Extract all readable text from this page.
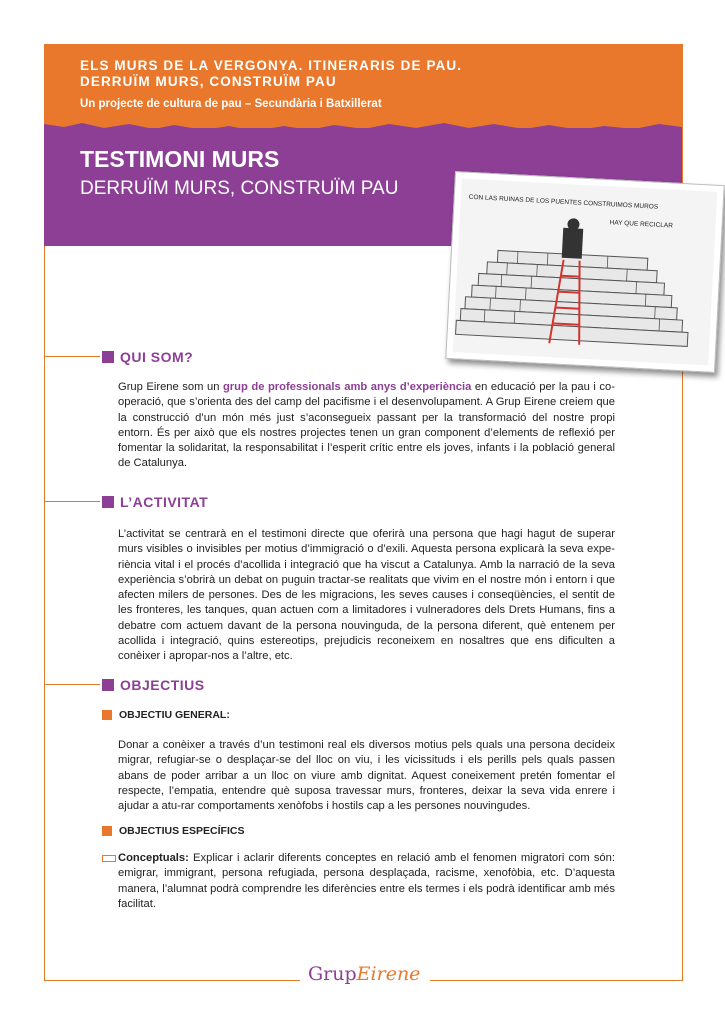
ELS MURS DE LA VERGONYA. ITINERARIS DE PAU.
DERRUÏM MURS, CONSTRUÏM PAU
Un projecte de cultura de pau – Secundària i Batxillerat
TESTIMONI MURS
DERRUÏM MURS, CONSTRUÏM PAU
CON LAS RUINAS DE LOS PUENTES CONSTRUIMOS MUROS
HAY QUE RECICLAR
QUI SOM?
Grup Eirene som un grup de professionals amb anys d’experiència en educació per la pau i co-operació, que s’orienta des del camp del pacifisme i el desenvolupament. A Grup Eirene creiem que la construcció d’un món més just s’aconsegueix passant per la transformació del nostre propi entorn. És per això que els nostres projectes tenen un gran component d’elements de reflexió per fomentar la solidaritat, la responsabilitat i l’esperit crític entre els joves, infants i la població general de Catalunya.
L’ACTIVITAT
L’activitat se centrarà en el testimoni directe que oferirà una persona que hagi hagut de superar murs visibles o invisibles per motius d’immigració o d’exili. Aquesta persona explicarà la seva expe-riència vital i el procés d’acollida i integració que ha viscut a Catalunya. Amb la narració de la seva experiència s’obrirà un debat on puguin tractar-se realitats que vivim en el nostre món i entorn i que afecten milers de persones. Des de les migracions, les seves causes i conseqüències, el sentit de les fronteres, les tanques, quan actuen com a limitadores i vulneradores dels Drets Humans, fins a debatre com actuem davant de la persona nouvinguda, de la persona diferent, què entenem per acollida i integració, quins estereotips, prejudicis reconeixem en nosaltres que ens dificulten a conèixer i apropar-nos a l’altre, etc.
OBJECTIUS
OBJECTIU GENERAL:
Donar a conèixer a través d’un testimoni real els diversos motius pels quals una persona decideix migrar, refugiar-se o desplaçar-se del lloc on viu, i les vicissituds i els perills pels quals passen abans de poder arribar a un lloc on viure amb dignitat. Aquest coneixement pretén fomentar el respecte, l’empatia, entendre què suposa travessar murs, fronteres, deixar la seva vida enrere i ajudar a atu-rar comportaments xenòfobs i hostils cap a les persones nouvingudes.
OBJECTIUS ESPECÍFICS
Conceptuals: Explicar i aclarir diferents conceptes en relació amb el fenomen migratori com són: emigrar, immigrant, persona refugiada, persona desplaçada, racisme, xenofòbia, etc. D’aquesta manera, l’alumnat podrà comprendre les diferències entre els termes i els podrà identificar amb més facilitat.
GrupEirene
